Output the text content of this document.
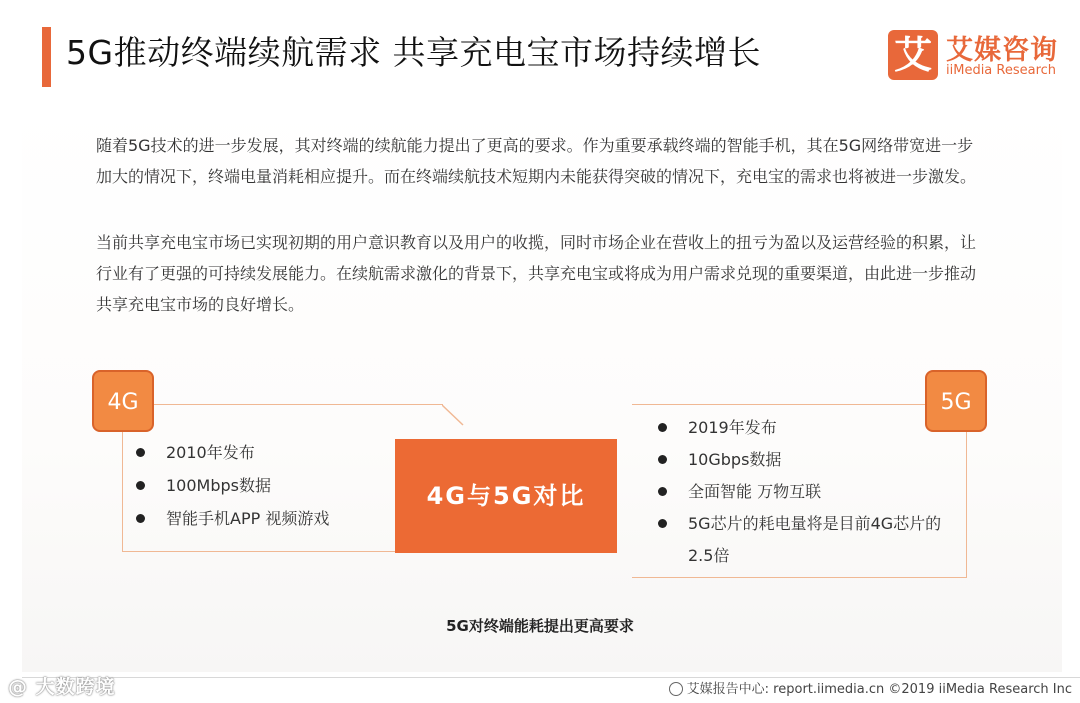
5G推动终端续航需求 共享充电宝市场持续增长	艾 艾媒咨询
iiMedia Research

随着5G技术的进一步发展，其对终端的续航能力提出了更高的要求。作为重要承载终端的智能手机，其在5G网络带宽进一步加大的情况下，终端电量消耗相应提升。而在终端续航技术短期内未能获得突破的情况下，充电宝的需求也将被进一步激发。

当前共享充电宝市场已实现初期的用户意识教育以及用户的收揽，同时市场企业在营收上的扭亏为盈以及运营经验的积累，让行业有了更强的可持续发展能力。在续航需求激化的背景下，共享充电宝或将成为用户需求兑现的重要渠道，由此进一步推动共享充电宝市场的良好增长。

4G	5G
4G与5G对比
2010年发布
100Mbps数据
智能手机APP 视频游戏
2019年发布
10Gbps数据
全面智能 万物互联
5G芯片的耗电量将是目前4G芯片的2.5倍
5G对终端能耗提出更高要求
@ 大数跨境	艾媒报告中心: report.iimedia.cn ©2019 iiMedia Research Inc
